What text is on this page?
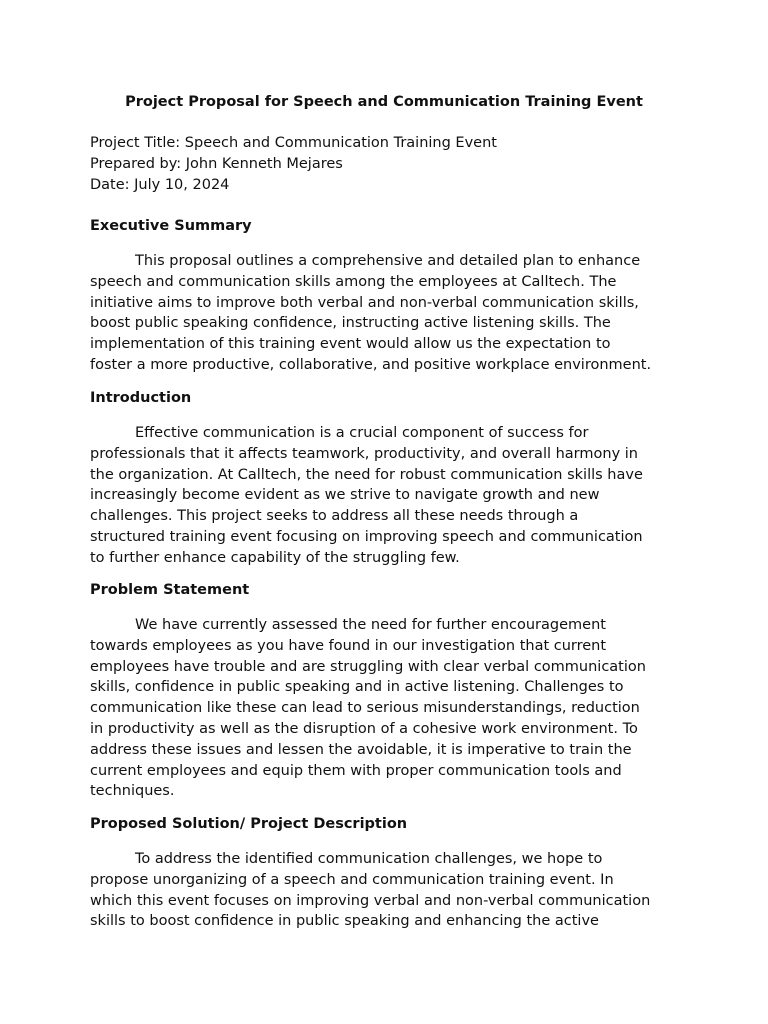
Project Proposal for Speech and Communication Training Event
Project Title: Speech and Communication Training Event
Prepared by: John Kenneth Mejares
Date: July 10, 2024
Executive Summary
This proposal outlines a comprehensive and detailed plan to enhance
speech and communication skills among the employees at Calltech. The
initiative aims to improve both verbal and non-verbal communication skills,
boost public speaking confidence, instructing active listening skills. The
implementation of this training event would allow us the expectation to
foster a more productive, collaborative, and positive workplace environment.
Introduction
Effective communication is a crucial component of success for
professionals that it affects teamwork, productivity, and overall harmony in
the organization. At Calltech, the need for robust communication skills have
increasingly become evident as we strive to navigate growth and new
challenges. This project seeks to address all these needs through a
structured training event focusing on improving speech and communication
to further enhance capability of the struggling few.
Problem Statement
We have currently assessed the need for further encouragement
towards employees as you have found in our investigation that current
employees have trouble and are struggling with clear verbal communication
skills, confidence in public speaking and in active listening. Challenges to
communication like these can lead to serious misunderstandings, reduction
in productivity as well as the disruption of a cohesive work environment. To
address these issues and lessen the avoidable, it is imperative to train the
current employees and equip them with proper communication tools and
techniques.
Proposed Solution/ Project Description
To address the identified communication challenges, we hope to
propose unorganizing of a speech and communication training event. In
which this event focuses on improving verbal and non-verbal communication
skills to boost confidence in public speaking and enhancing the active
